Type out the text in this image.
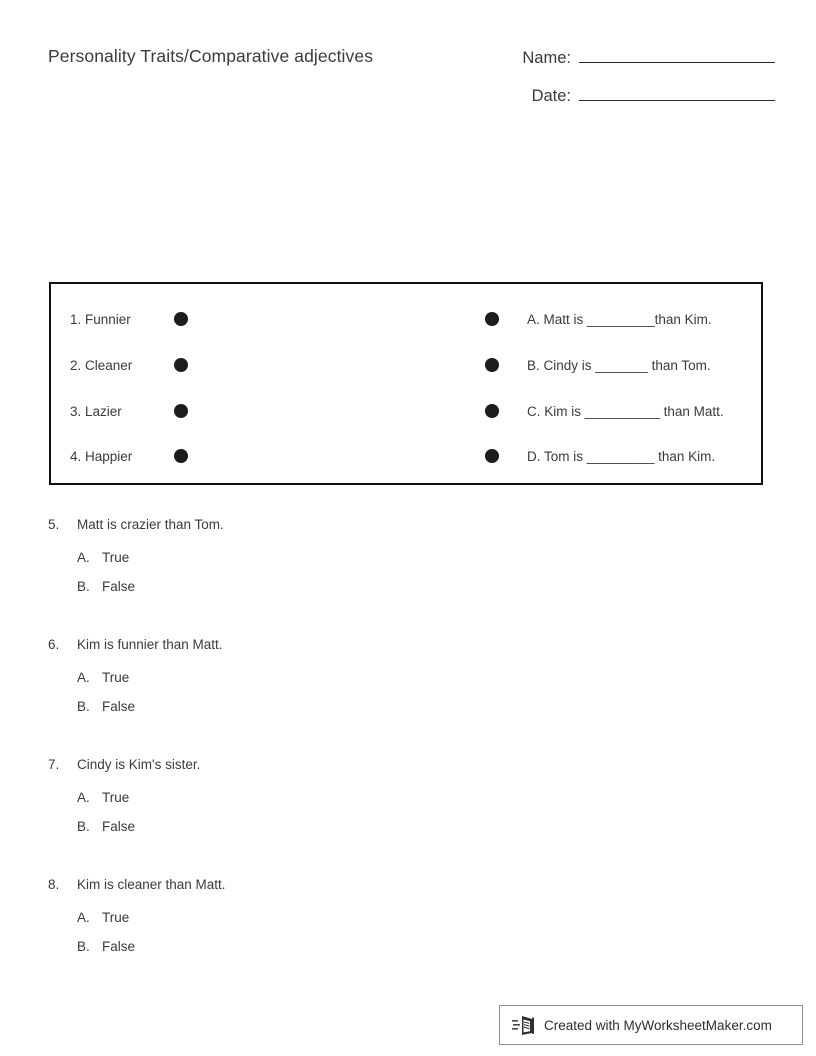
Personality Traits/Comparative adjectives	Name:
Date:
1. Funnier	A. Matt is _________than Kim.
2. Cleaner	B. Cindy is _______ than Tom.
3. Lazier	C. Kim is __________ than Matt.
4. Happier	D. Tom is _________ than Kim.
5.	Matt is crazier than Tom.
A. True
B. False
6.	Kim is funnier than Matt.
A. True
B. False
7.	Cindy is Kim's sister.
A. True
B. False
8.	Kim is cleaner than Matt.
A. True
B. False
Created with MyWorksheetMaker.com
